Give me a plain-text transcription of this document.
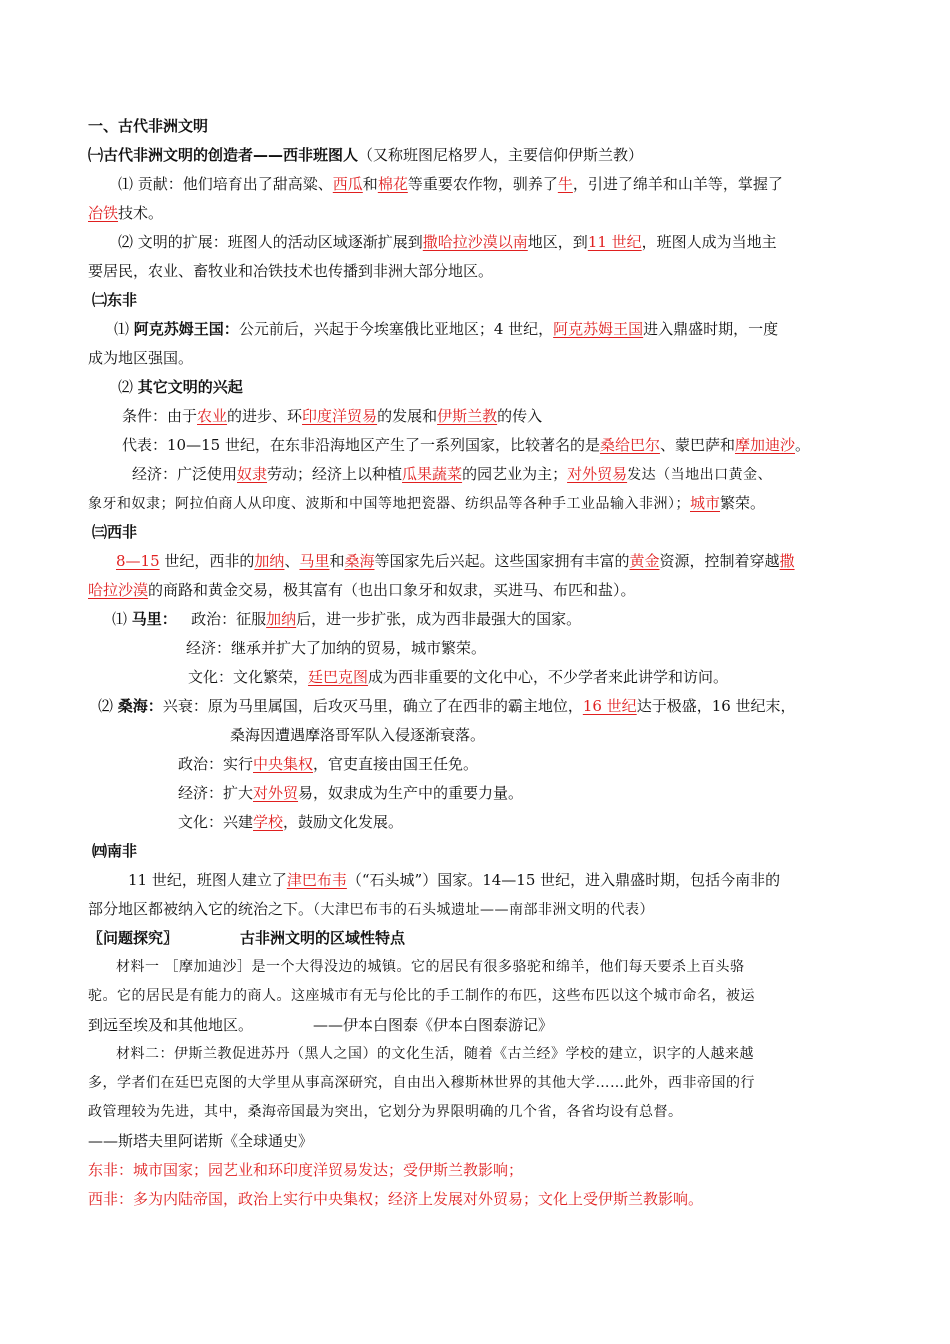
一、古代非洲文明
㈠古代非洲文明的创造者——西非班图人（又称班图尼格罗人，主要信仰伊斯兰教）
⑴ 贡献：他们培育出了甜高粱、西瓜和棉花等重要农作物，驯养了牛，引进了绵羊和山羊等，掌握了
冶铁技术。
⑵ 文明的扩展：班图人的活动区域逐渐扩展到撒哈拉沙漠以南地区，到11 世纪，班图人成为当地主
要居民，农业、畜牧业和冶铁技术也传播到非洲大部分地区。
㈡东非
⑴ 阿克苏姆王国：公元前后，兴起于今埃塞俄比亚地区；4 世纪，阿克苏姆王国进入鼎盛时期，一度
成为地区强国。
⑵ 其它文明的兴起
条件：由于农业的进步、环印度洋贸易的发展和伊斯兰教的传入
代表：10—15 世纪，在东非沿海地区产生了一系列国家，比较著名的是桑给巴尔、蒙巴萨和摩加迪沙。
经济：广泛使用奴隶劳动；经济上以种植瓜果蔬菜的园艺业为主；对外贸易发达（当地出口黄金、
象牙和奴隶；阿拉伯商人从印度、波斯和中国等地把瓷器、纺织品等各种手工业品输入非洲）；城市繁荣。
㈢西非
8—15 世纪，西非的加纳、马里和桑海等国家先后兴起。这些国家拥有丰富的黄金资源，控制着穿越撒
哈拉沙漠的商路和黄金交易，极其富有（也出口象牙和奴隶，买进马、布匹和盐）。
⑴ 马里： 政治：征服加纳后，进一步扩张，成为西非最强大的国家。
经济：继承并扩大了加纳的贸易，城市繁荣。
文化：文化繁荣，廷巴克图成为西非重要的文化中心，不少学者来此讲学和访问。
⑵ 桑海：兴衰：原为马里属国，后攻灭马里，确立了在西非的霸主地位，16 世纪达于极盛，16 世纪末，
桑海因遭遇摩洛哥军队入侵逐渐衰落。
政治：实行中央集权，官吏直接由国王任免。
经济：扩大对外贸易，奴隶成为生产中的重要力量。
文化：兴建学校，鼓励文化发展。
㈣南非
11 世纪，班图人建立了津巴布韦（“石头城”）国家。14—15 世纪，进入鼎盛时期，包括今南非的
部分地区都被纳入它的统治之下。（大津巴布韦的石头城遗址——南部非洲文明的代表）
〖问题探究〗	古非洲文明的区域性特点
材料一 ［摩加迪沙］是一个大得没边的城镇。它的居民有很多骆驼和绵羊，他们每天要杀上百头骆
驼。它的居民是有能力的商人。这座城市有无与伦比的手工制作的布匹，这些布匹以这个城市命名，被运
到远至埃及和其他地区。	——伊本白图泰《伊本白图泰游记》
材料二：伊斯兰教促进苏丹（黑人之国）的文化生活，随着《古兰经》学校的建立，识字的人越来越
多，学者们在廷巴克图的大学里从事高深研究，自由出入穆斯林世界的其他大学……此外，西非帝国的行
政管理较为先进，其中，桑海帝国最为突出，它划分为界限明确的几个省，各省均设有总督。
——斯塔夫里阿诺斯《全球通史》
东非：城市国家；园艺业和环印度洋贸易发达；受伊斯兰教影响；
西非：多为内陆帝国，政治上实行中央集权；经济上发展对外贸易；文化上受伊斯兰教影响。
